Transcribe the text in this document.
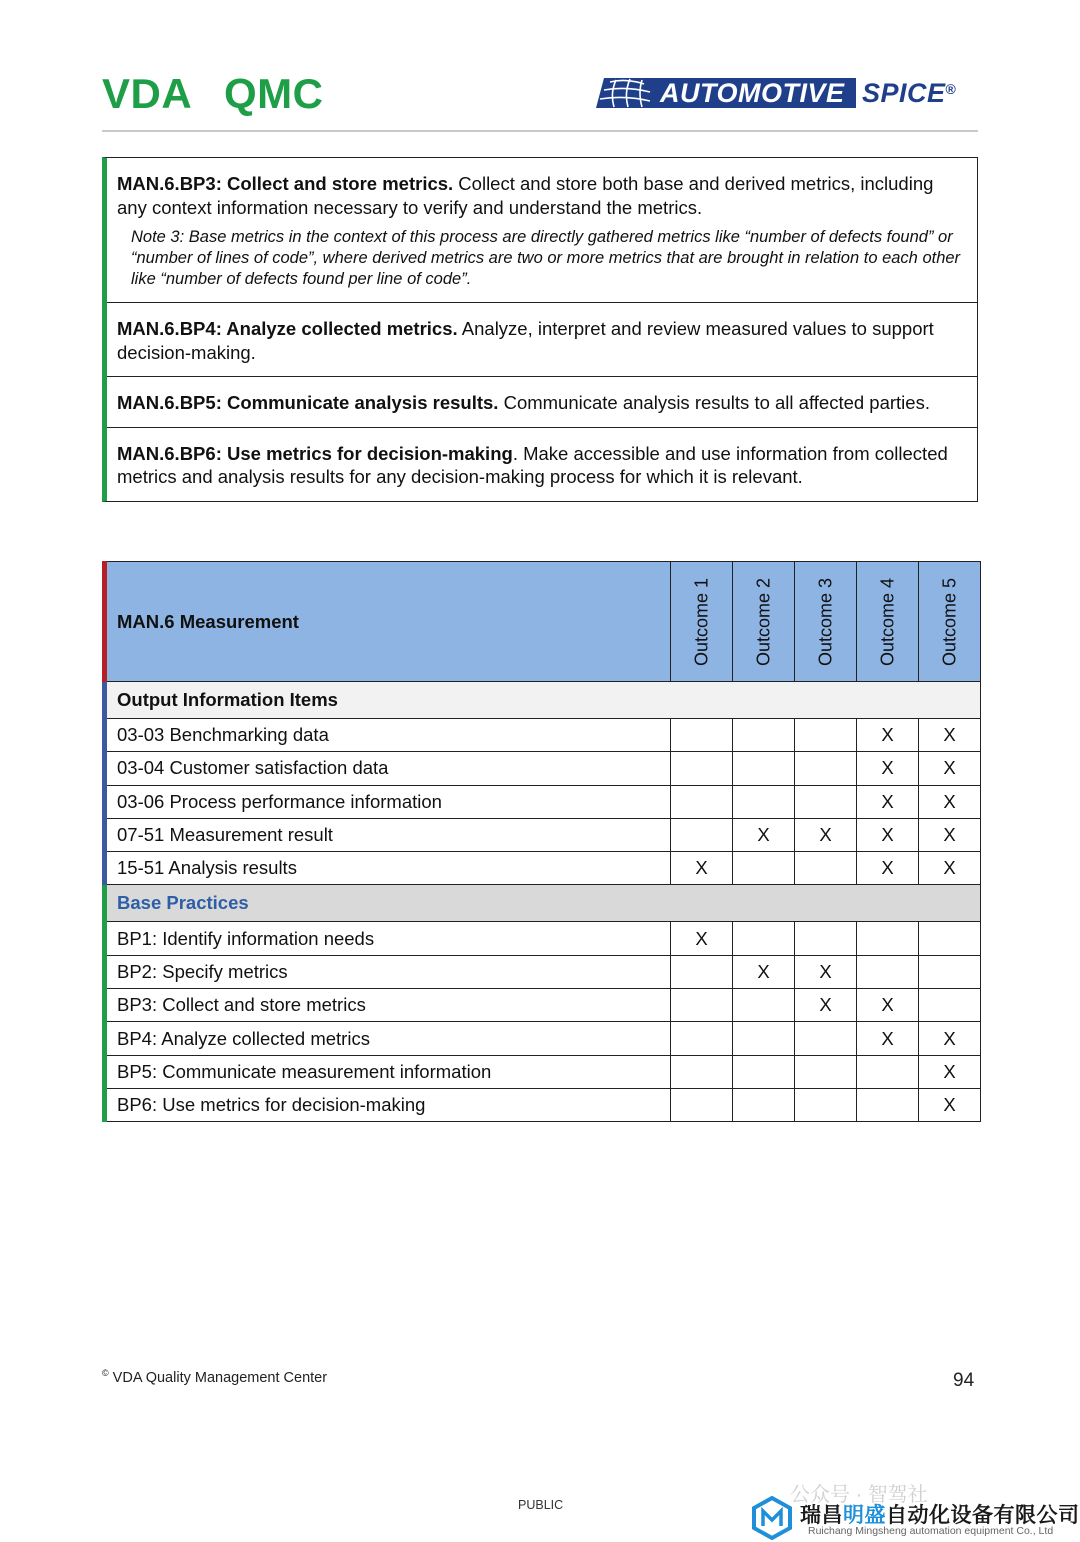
VDA QMC	AUTOMOTIVE SPICE®
MAN.6.BP3: Collect and store metrics. Collect and store both base and derived metrics, including any context information necessary to verify and understand the metrics.
Note 3: Base metrics in the context of this process are directly gathered metrics like “number of defects found” or “number of lines of code”, where derived metrics are two or more metrics that are brought in relation to each other like “number of defects found per line of code”.
MAN.6.BP4: Analyze collected metrics. Analyze, interpret and review measured values to support decision-making.
MAN.6.BP5: Communicate analysis results. Communicate analysis results to all affected parties.
MAN.6.BP6: Use metrics for decision-making. Make accessible and use information from collected metrics and analysis results for any decision-making process for which it is relevant.
MAN.6 Measurement	Outcome 1	Outcome 2	Outcome 3	Outcome 4	Outcome 5

Output Information Items					
03-03 Benchmarking data				X	X
03-04 Customer satisfaction data				X	X
03-06 Process performance information				X	X
07-51 Measurement result		X	X	X	X
15-51 Analysis results	X			X	X
Base Practices					
BP1: Identify information needs	X				
BP2: Specify metrics		X	X		
BP3: Collect and store metrics			X	X	
BP4: Analyze collected metrics				X	X
BP5: Communicate measurement information					X
BP6: Use metrics for decision-making					X
© VDA Quality Management Center	94
PUBLIC	公众号 · 智驾社
瑞昌明盛自动化设备有限公司
Ruichang Mingsheng automation equipment Co., Ltd
